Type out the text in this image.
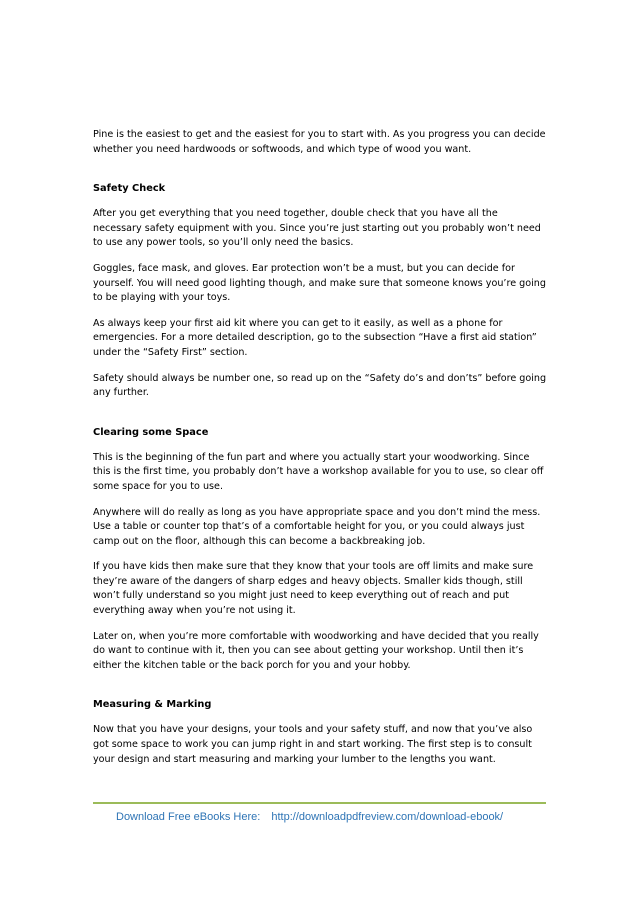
Pine is the easiest to get and the easiest for you to start with. As you progress you can decide whether you need hardwoods or softwoods, and which type of wood you want.

Safety Check

After you get everything that you need together, double check that you have all the necessary safety equipment with you. Since you’re just starting out you probably won’t need to use any power tools, so you’ll only need the basics.

Goggles, face mask, and gloves. Ear protection won’t be a must, but you can decide for yourself. You will need good lighting though, and make sure that someone knows you’re going to be playing with your toys.

As always keep your first aid kit where you can get to it easily, as well as a phone for emergencies. For a more detailed description, go to the subsection “Have a first aid station” under the “Safety First” section.

Safety should always be number one, so read up on the “Safety do’s and don’ts” before going any further.

Clearing some Space

This is the beginning of the fun part and where you actually start your woodworking. Since this is the first time, you probably don’t have a workshop available for you to use, so clear off some space for you to use.

Anywhere will do really as long as you have appropriate space and you don’t mind the mess. Use a table or counter top that’s of a comfortable height for you, or you could always just camp out on the floor, although this can become a backbreaking job.

If you have kids then make sure that they know that your tools are off limits and make sure they’re aware of the dangers of sharp edges and heavy objects. Smaller kids though, still won’t fully understand so you might just need to keep everything out of reach and put everything away when you’re not using it.

Later on, when you’re more comfortable with woodworking and have decided that you really do want to continue with it, then you can see about getting your workshop. Until then it’s either the kitchen table or the back porch for you and your hobby.

Measuring & Marking

Now that you have your designs, your tools and your safety stuff, and now that you’ve also got some space to work you can jump right in and start working. The first step is to consult your design and start measuring and marking your lumber to the lengths you want.

Download Free eBooks Here: http://downloadpdfreview.com/download-ebook/
